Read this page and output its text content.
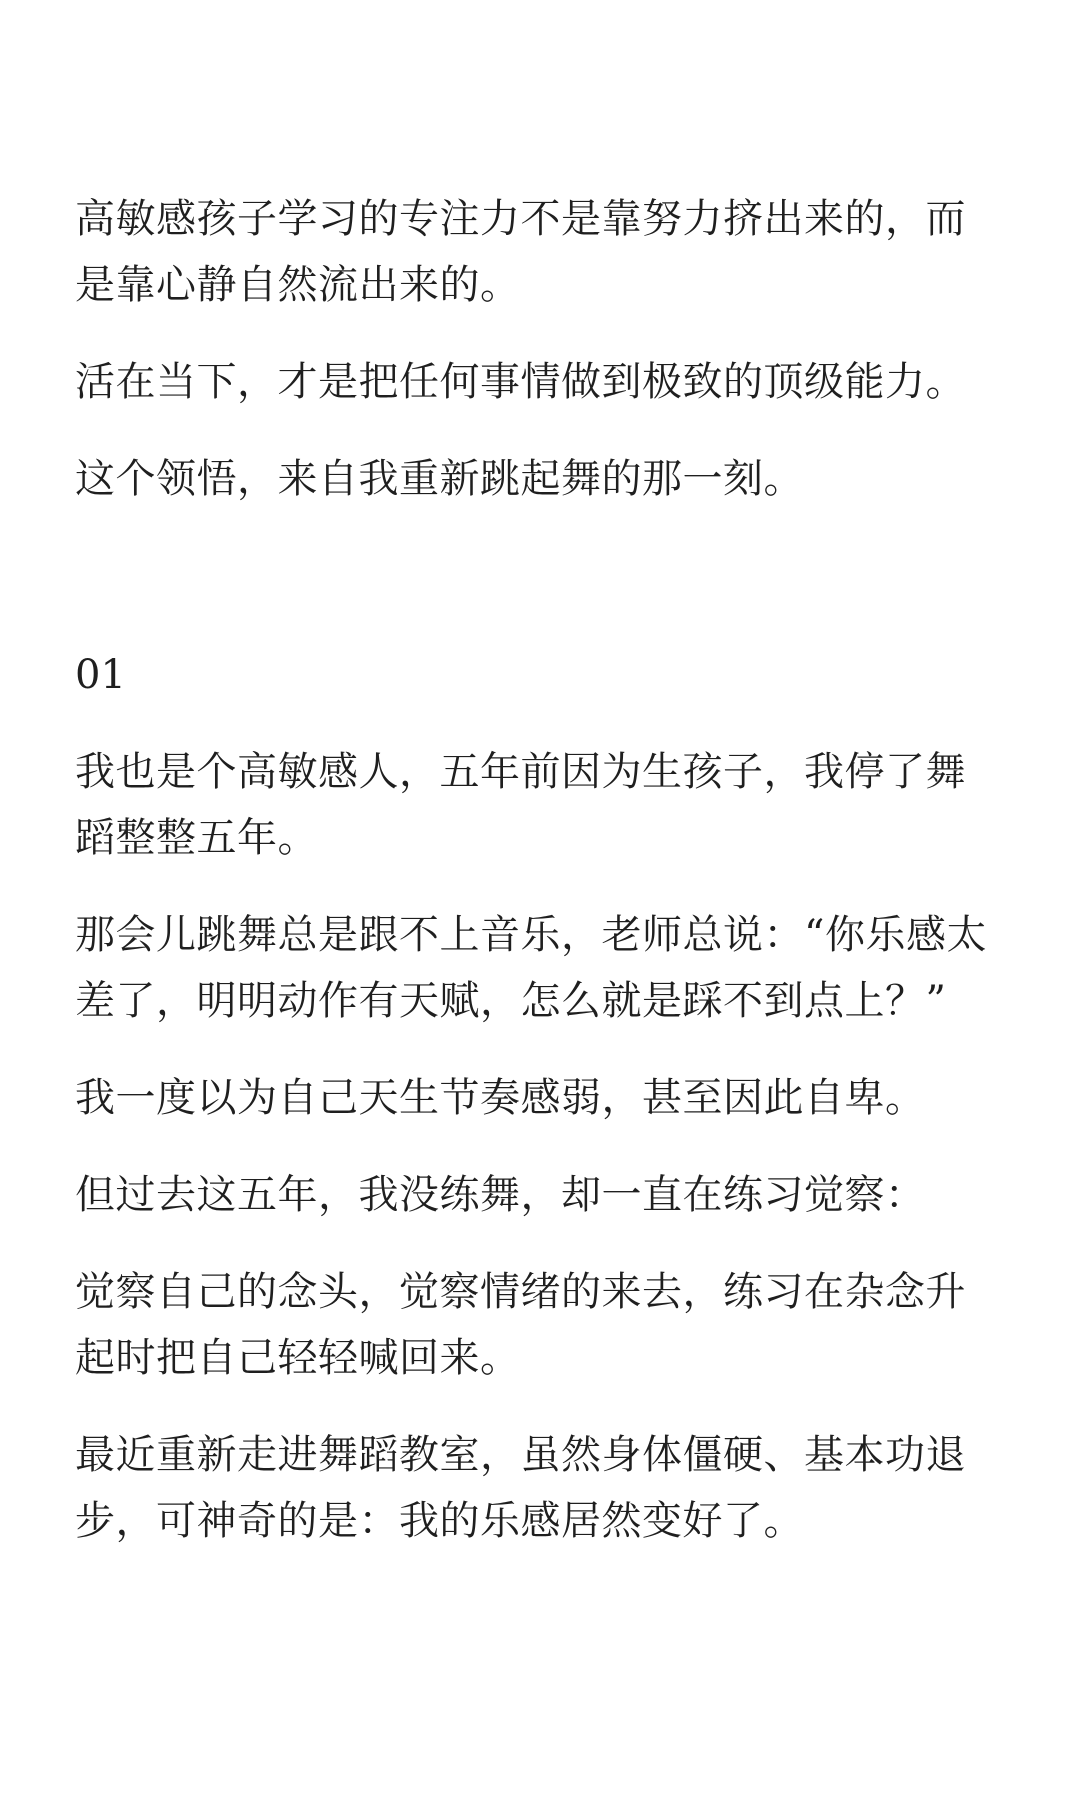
高敏感孩子学习的专注力不是靠努力挤出来的，而是靠心静自然流出来的。

活在当下，才是把任何事情做到极致的顶级能力。

这个领悟，来自我重新跳起舞的那一刻。

01

我也是个高敏感人，五年前因为生孩子，我停了舞蹈整整五年。

那会儿跳舞总是跟不上音乐，老师总说：“你乐感太差了，明明动作有天赋，怎么就是踩不到点上？”

我一度以为自己天生节奏感弱，甚至因此自卑。

但过去这五年，我没练舞，却一直在练习觉察：

觉察自己的念头，觉察情绪的来去，练习在杂念升起时把自己轻轻喊回来。

最近重新走进舞蹈教室，虽然身体僵硬、基本功退步，可神奇的是：我的乐感居然变好了。
